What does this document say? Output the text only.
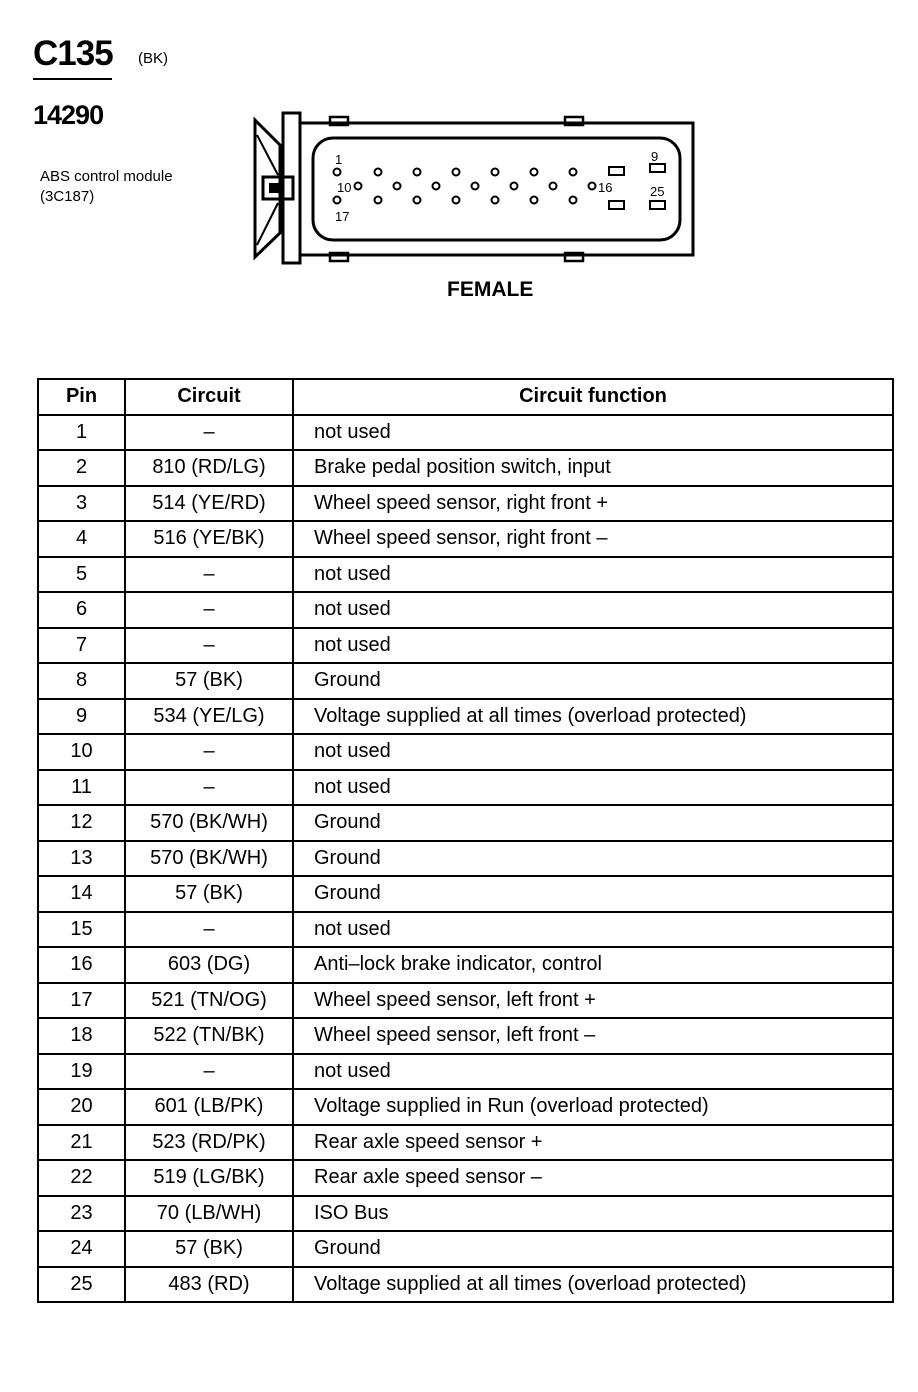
C135 (BK)
14290
ABS control module
(3C187)
1	9
10	16
17
25
FEMALE
Pin	Circuit	Circuit function
1	–	not used
2	810 (RD/LG)	Brake pedal position switch, input
3	514 (YE/RD)	Wheel speed sensor, right front +
4	516 (YE/BK)	Wheel speed sensor, right front –
5	–	not used
6	–	not used
7	–	not used
8	57 (BK)	Ground
9	534 (YE/LG)	Voltage supplied at all times (overload protected)
10	–	not used
11	–	not used
12	570 (BK/WH)	Ground
13	570 (BK/WH)	Ground
14	57 (BK)	Ground
15	–	not used
16	603 (DG)	Anti–lock brake indicator, control
17	521 (TN/OG)	Wheel speed sensor, left front +
18	522 (TN/BK)	Wheel speed sensor, left front –
19	–	not used
20	601 (LB/PK)	Voltage supplied in Run (overload protected)
21	523 (RD/PK)	Rear axle speed sensor +
22	519 (LG/BK)	Rear axle speed sensor –
23	70 (LB/WH)	ISO Bus
24	57 (BK)	Ground
25	483 (RD)	Voltage supplied at all times (overload protected)
